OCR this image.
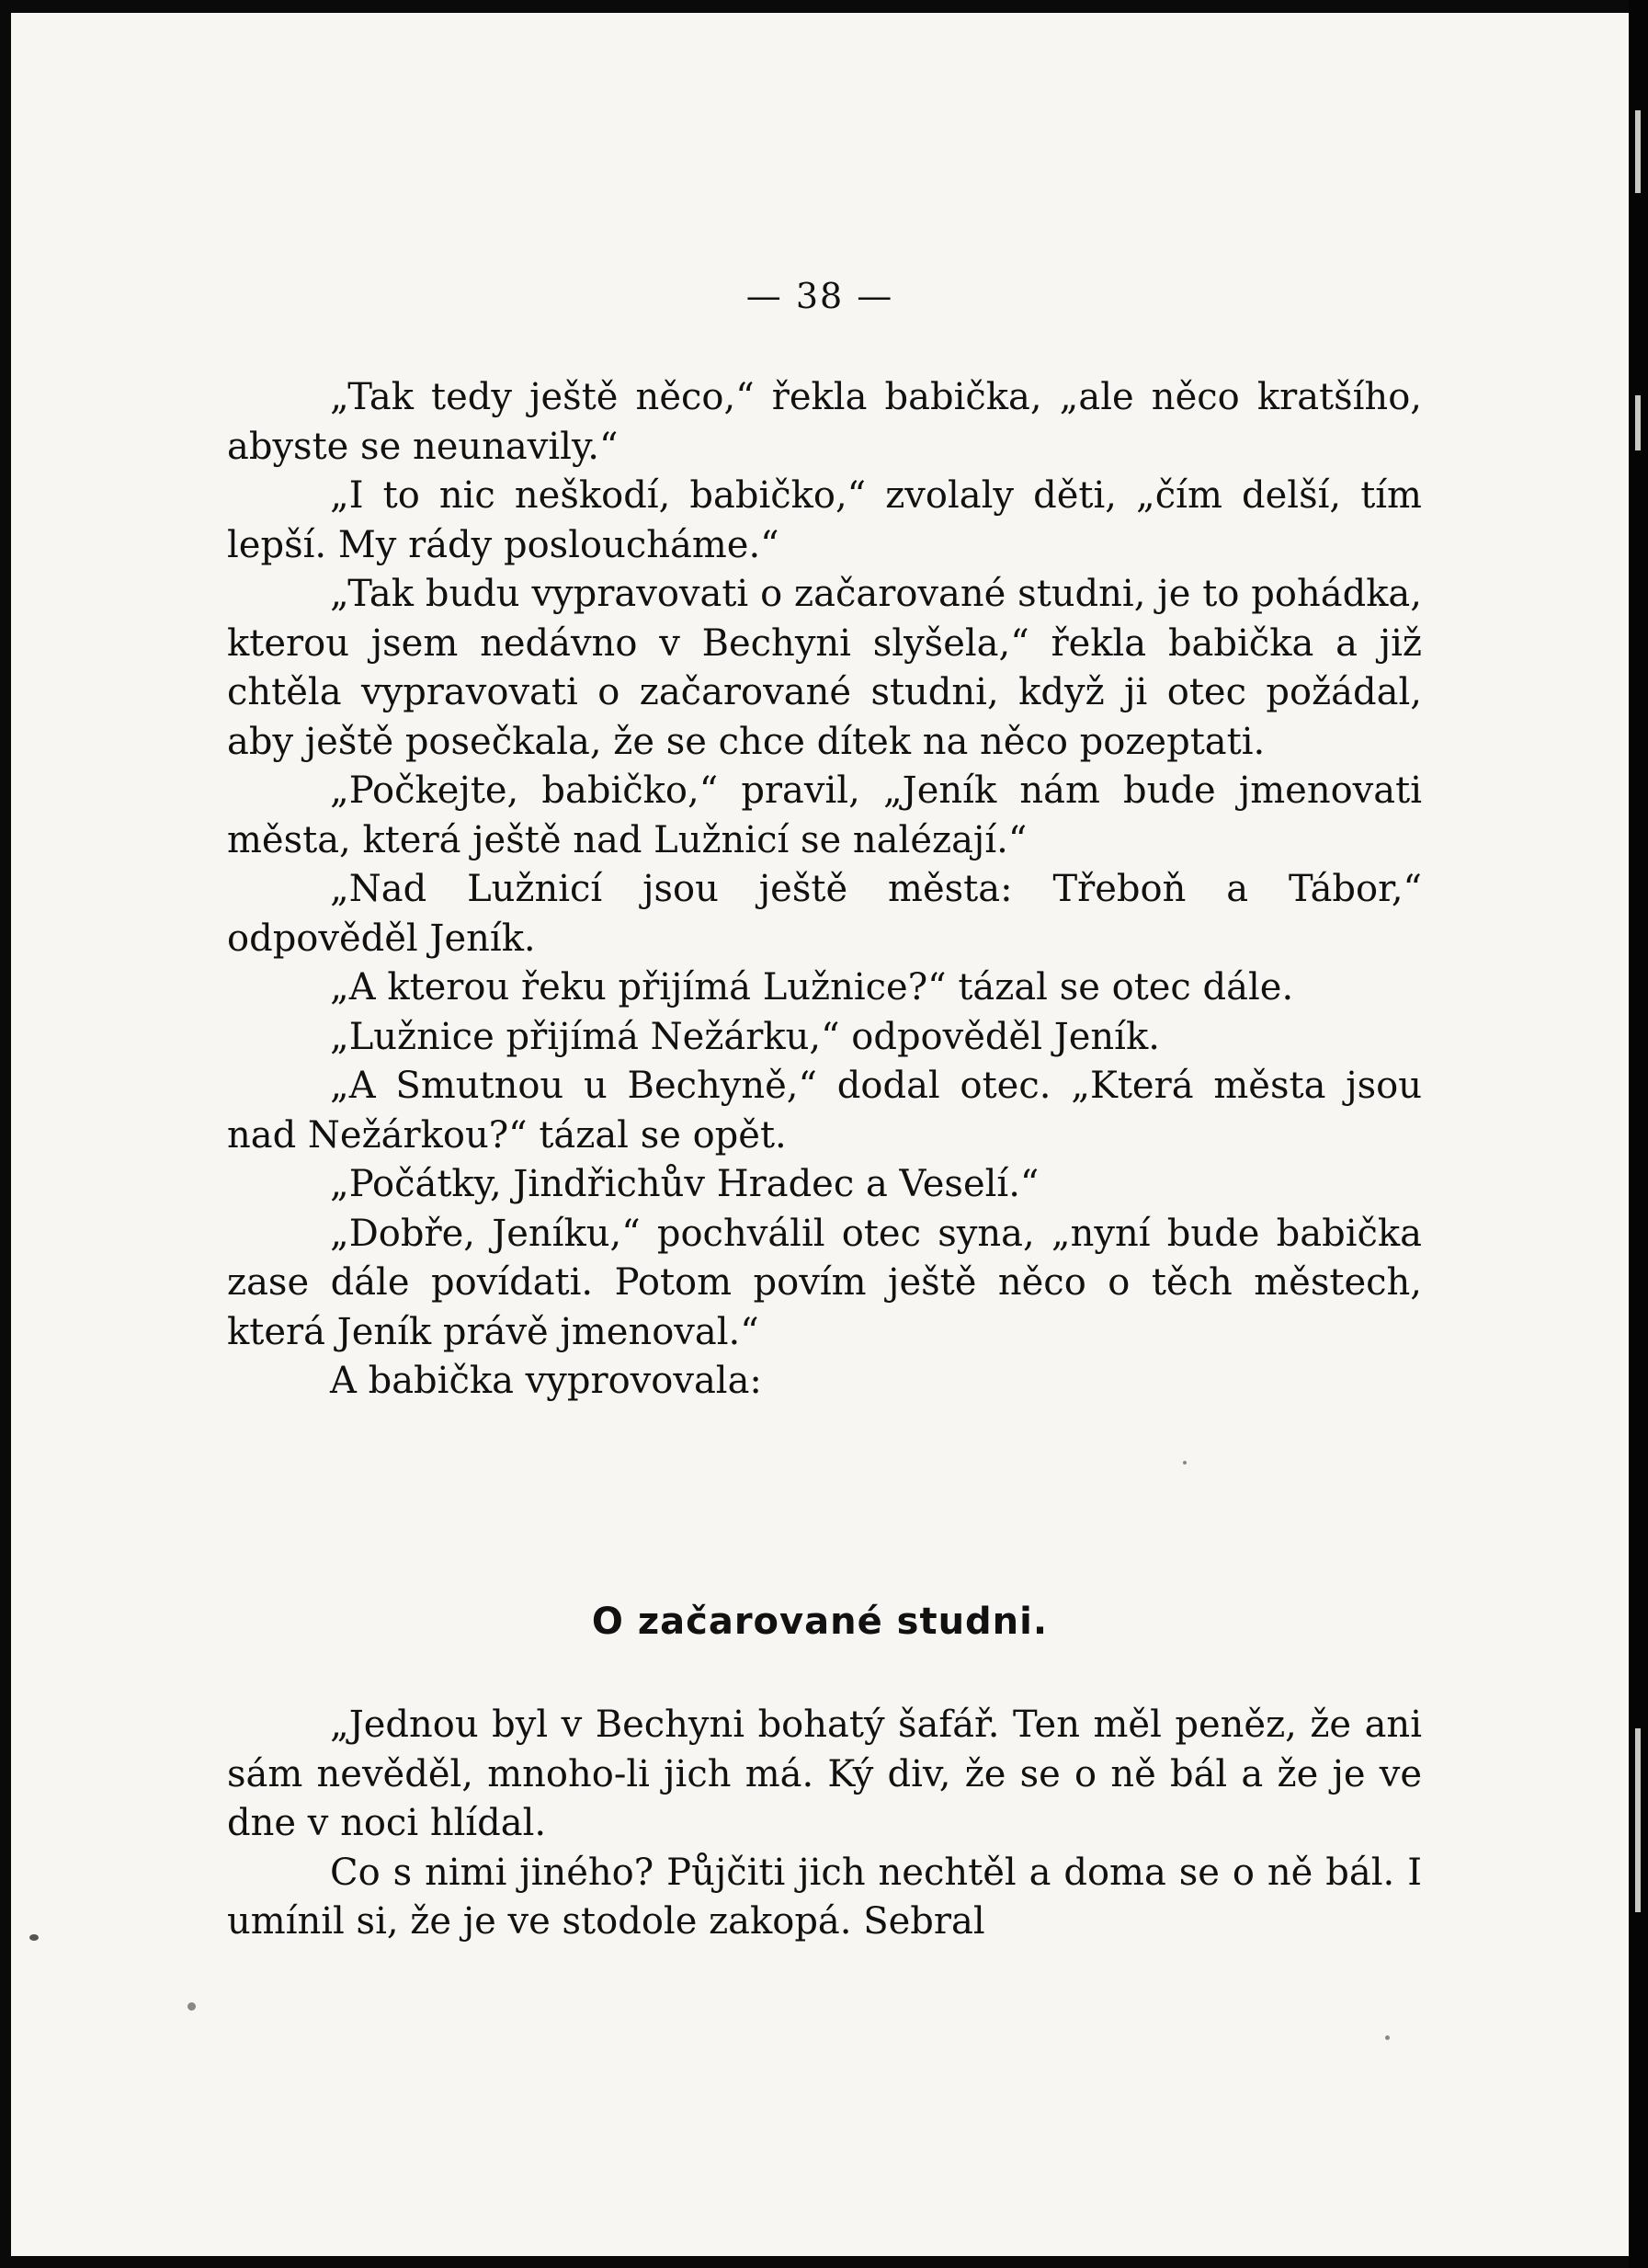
— 38 —

„Tak tedy ještě něco,“ řekla babička, „ale něco kratšího, abyste se neunavily.“

„I to nic neškodí, babičko,“ zvolaly děti, „čím delší, tím lepší. My rády posloucháme.“

„Tak budu vypravovati o začarované studni, je to pohádka, kterou jsem nedávno v Bechyni slyšela,“ řekla babička a již chtěla vypravovati o začarované studni, když ji otec požádal, aby ještě posečkala, že se chce dítek na něco pozeptati.

„Počkejte, babičko,“ pravil, „Jeník nám bude jmenovati města, která ještě nad Lužnicí se nalézají.“

„Nad Lužnicí jsou ještě města: Třeboň a Tábor,“ odpověděl Jeník.

„A kterou řeku přijímá Lužnice?“ tázal se otec dále.

„Lužnice přijímá Nežárku,“ odpověděl Jeník.

„A Smutnou u Bechyně,“ dodal otec. „Která města jsou nad Nežárkou?“ tázal se opět.

„Počátky, Jindřichův Hradec a Veselí.“

„Dobře, Jeníku,“ pochválil otec syna, „nyní bude babička zase dále povídati. Potom povím ještě něco o těch městech, která Jeník právě jmenoval.“

A babička vyprovovala:

O začarované studni.

„Jednou byl v Bechyni bohatý šafář. Ten měl peněz, že ani sám nevěděl, mnoho-li jich má. Ký div, že se o ně bál a že je ve dne v noci hlídal.

Co s nimi jiného? Půjčiti jich nechtěl a doma se o ně bál. I umínil si, že je ve stodole zakopá. Sebral
